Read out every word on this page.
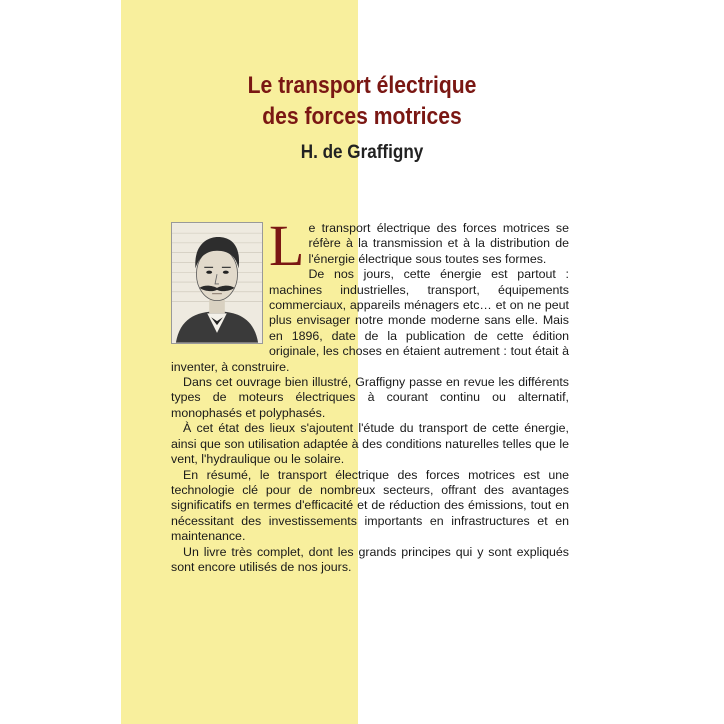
Le transport électrique
des forces motrices
H. de Graffigny

Le transport électrique des forces motrices se réfère à la transmission et à la distribution de l'énergie électrique sous toutes ses formes.

De nos jours, cette énergie est partout : machines industrielles, transport, équipements commerciaux, appareils ménagers etc… et on ne peut plus envisager notre monde moderne sans elle. Mais en 1896, date de la publication de cette édition originale, les choses en étaient autrement : tout était à inventer, à construire.

Dans cet ouvrage bien illustré, Graffigny passe en revue les différents types de moteurs électriques à courant continu ou alternatif, monophasés et polyphasés.

À cet état des lieux s'ajoutent l'étude du transport de cette énergie, ainsi que son utilisation adaptée à des conditions naturelles telles que le vent, l'hydraulique ou le solaire.

En résumé, le transport électrique des forces motrices est une technologie clé pour de nombreux secteurs, offrant des avantages significatifs en termes d'efficacité et de réduction des émissions, tout en nécessitant des investissements importants en infrastructures et en maintenance.

Un livre très complet, dont les grands principes qui y sont expliqués sont encore utilisés de nos jours.
